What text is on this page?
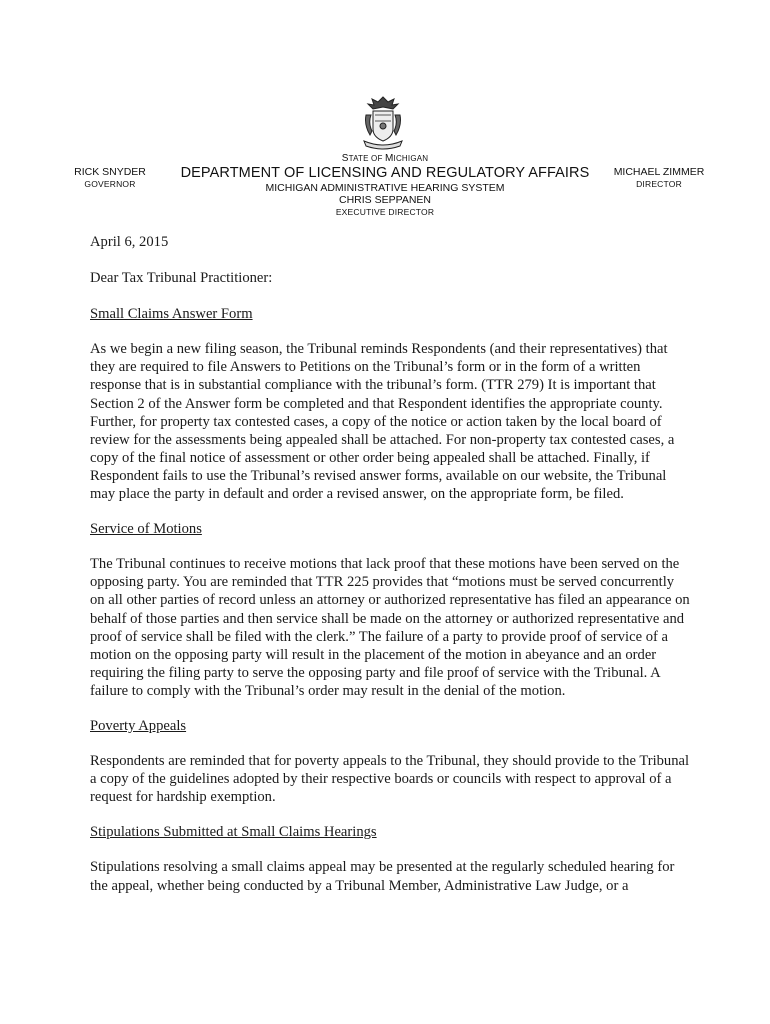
STATE OF MICHIGAN
DEPARTMENT OF LICENSING AND REGULATORY AFFAIRS
MICHIGAN ADMINISTRATIVE HEARING SYSTEM
CHRIS SEPPANEN
EXECUTIVE DIRECTOR
RICK SNYDER
GOVERNOR
MICHAEL ZIMMER
DIRECTOR

April 6, 2015

Dear Tax Tribunal Practitioner:

Small Claims Answer Form

As we begin a new filing season, the Tribunal reminds Respondents (and their representatives) that they are required to file Answers to Petitions on the Tribunal’s form or in the form of a written response that is in substantial compliance with the tribunal’s form. (TTR 279) It is important that Section 2 of the Answer form be completed and that Respondent identifies the appropriate county. Further, for property tax contested cases, a copy of the notice or action taken by the local board of review for the assessments being appealed shall be attached. For non-property tax contested cases, a copy of the final notice of assessment or other order being appealed shall be attached. Finally, if Respondent fails to use the Tribunal’s revised answer forms, available on our website, the Tribunal may place the party in default and order a revised answer, on the appropriate form, be filed.

Service of Motions

The Tribunal continues to receive motions that lack proof that these motions have been served on the opposing party. You are reminded that TTR 225 provides that “motions must be served concurrently on all other parties of record unless an attorney or authorized representative has filed an appearance on behalf of those parties and then service shall be made on the attorney or authorized representative and proof of service shall be filed with the clerk.” The failure of a party to provide proof of service of a motion on the opposing party will result in the placement of the motion in abeyance and an order requiring the filing party to serve the opposing party and file proof of service with the Tribunal. A failure to comply with the Tribunal’s order may result in the denial of the motion.

Poverty Appeals

Respondents are reminded that for poverty appeals to the Tribunal, they should provide to the Tribunal a copy of the guidelines adopted by their respective boards or councils with respect to approval of a request for hardship exemption.

Stipulations Submitted at Small Claims Hearings

Stipulations resolving a small claims appeal may be presented at the regularly scheduled hearing for the appeal, whether being conducted by a Tribunal Member, Administrative Law Judge, or a
